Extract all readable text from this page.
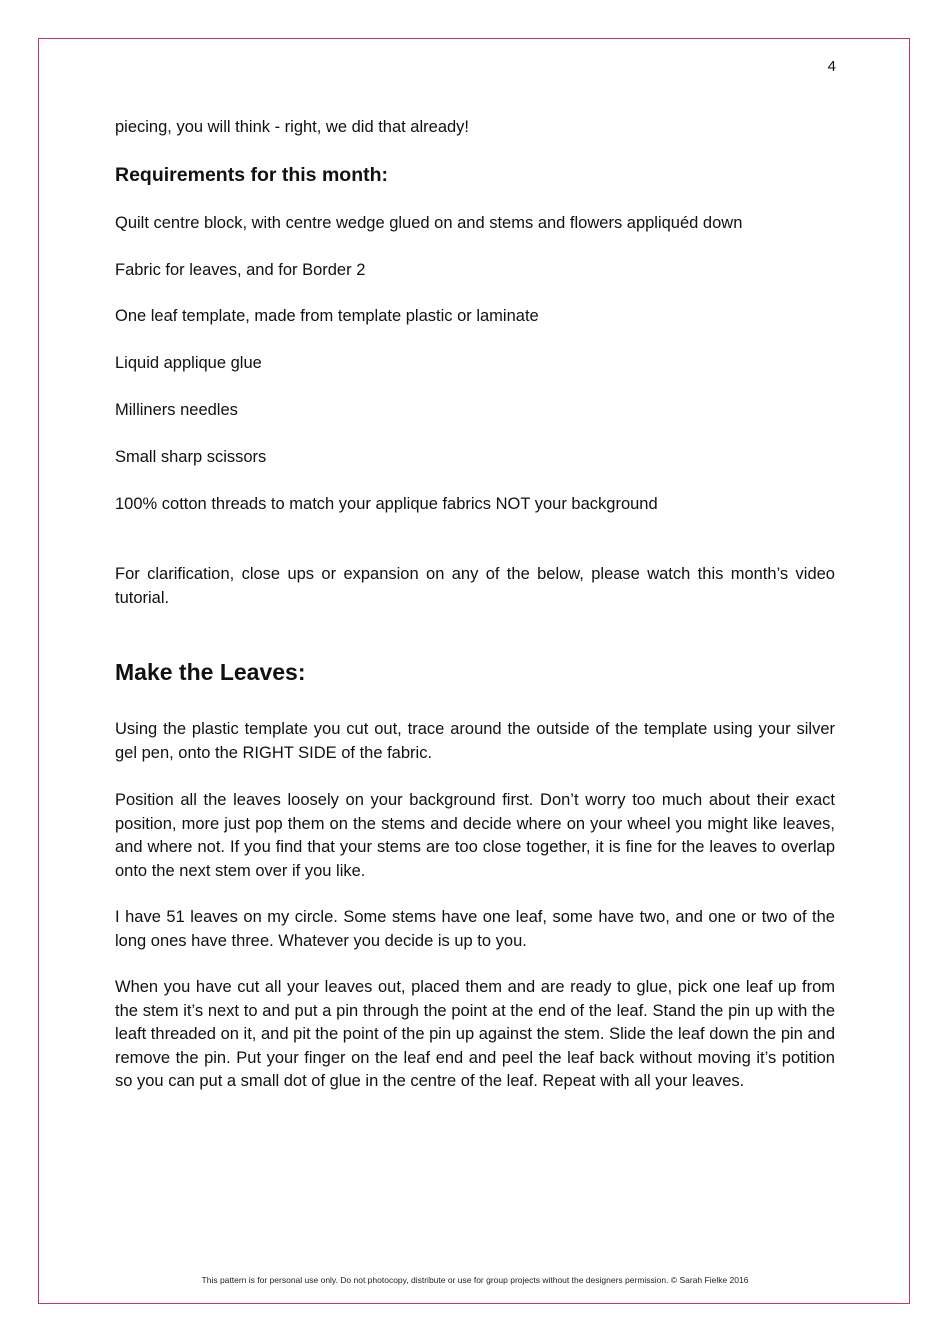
4

piecing, you will think - right, we did that already!

Requirements for this month:

Quilt centre block, with centre wedge glued on and stems and flowers appliquéd down

Fabric for leaves, and for Border 2

One leaf template, made from template plastic or laminate

Liquid applique glue

Milliners needles

Small sharp scissors

100% cotton threads to match your applique fabrics NOT your background

For clarification, close ups or expansion on any of the below, please watch this month’s video tutorial.

Make the Leaves:

Using the plastic template you cut out, trace around the outside of the template using your silver gel pen, onto the RIGHT SIDE of the fabric.

Position all the leaves loosely on your background first. Don’t worry too much about their exact position, more just pop them on the stems and decide where on your wheel you might like leaves, and where not. If you find that your stems are too close together, it is fine for the leaves to overlap onto the next stem over if you like.

I have 51 leaves on my circle. Some stems have one leaf, some have two, and one or two of the long ones have three. Whatever you decide is up to you.

When you have cut all your leaves out, placed them and are ready to glue, pick one leaf up from the stem it’s next to and put a pin through the point at the end of the leaf. Stand the pin up with the leaft threaded on it, and pit the point of the pin up against the stem. Slide the leaf down the pin and remove the pin. Put your finger on the leaf end and peel the leaf back without moving it’s potition so you can put a small dot of glue in the centre of the leaf. Repeat with all your leaves.

This pattern is for personal use only. Do not photocopy, distribute or use for group projects without the designers permission. © Sarah Fielke 2016
